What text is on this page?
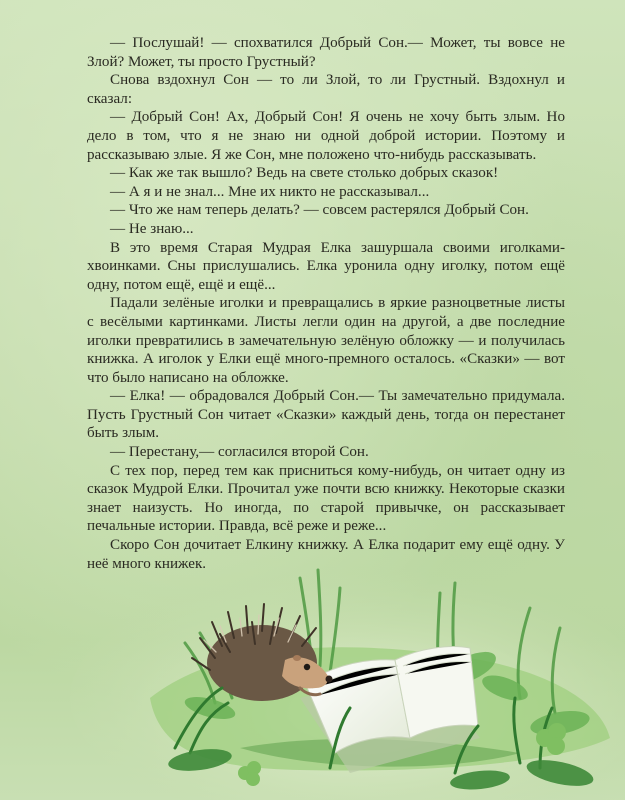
— Послушай! — спохватился Добрый Сон.— Может, ты вовсе не Злой? Может, ты просто Грустный?

Снова вздохнул Сон — то ли Злой, то ли Грустный. Вздохнул и сказал:

— Добрый Сон! Ах, Добрый Сон! Я очень не хочу быть злым. Но дело в том, что я не знаю ни одной доброй истории. Поэтому и рассказываю злые. Я же Сон, мне положено что-нибудь рассказывать.

— Как же так вышло? Ведь на свете столько добрых сказок!

— А я и не знал... Мне их никто не рассказывал...

— Что же нам теперь делать? — совсем растерялся Добрый Сон.

— Не знаю...

В это время Старая Мудрая Елка зашуршала своими иголками-хвоинками. Сны прислушались. Елка уронила одну иголку, потом ещё одну, потом ещё, ещё и ещё...

Падали зелёные иголки и превращались в яркие разноцветные листы с весёлыми картинками. Листы легли один на другой, а две последние иголки превратились в замечательную зелёную обложку — и получилась книжка. А иголок у Елки ещё много-премного осталось. «Сказки» — вот что было написано на обложке.

— Елка! — обрадовался Добрый Сон.— Ты замечательно придумала. Пусть Грустный Сон читает «Сказки» каждый день, тогда он перестанет быть злым.

— Перестану,— согласился второй Сон.

С тех пор, перед тем как присниться кому-нибудь, он читает одну из сказок Мудрой Елки. Прочитал уже почти всю книжку. Некоторые сказки знает наизусть. Но иногда, по старой привычке, он рассказывает печальные истории. Правда, всё реже и реже...

Скоро Сон дочитает Елкину книжку. А Елка подарит ему ещё одну. У неё много книжек.
